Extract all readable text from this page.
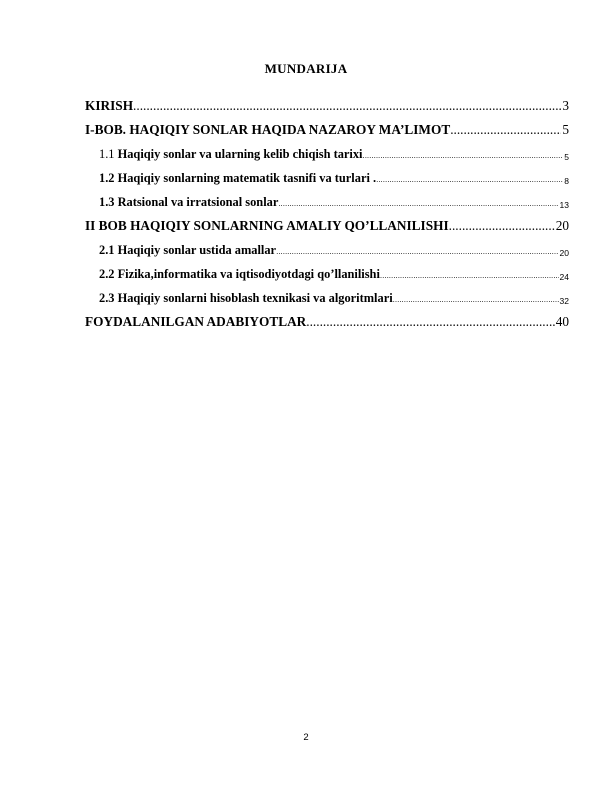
MUNDARIJA
KIRISH .....	3
I-BOB. HAQIQIY SONLAR HAQIDA NAZAROY MA’LIMOT .....	5
1.1 Haqiqiy sonlar va ularning kelib chiqish tarixi .....	5
1.2 Haqiqiy sonlarning matematik tasnifi va turlari . .....	8
1.3 Ratsional va irratsional sonlar .....	13
II BOB HAQIQIY SONLARNING AMALIY QO’LLANILISHI .....	20
2.1 Haqiqiy sonlar ustida amallar .....	20
2.2 Fizika,informatika va iqtisodiyotdagi qo’llanilishi .....	24
2.3 Haqiqiy sonlarni hisoblash texnikasi va algoritmlari .....	32
FOYDALANILGAN ADABIYOTLAR .....	40
2
